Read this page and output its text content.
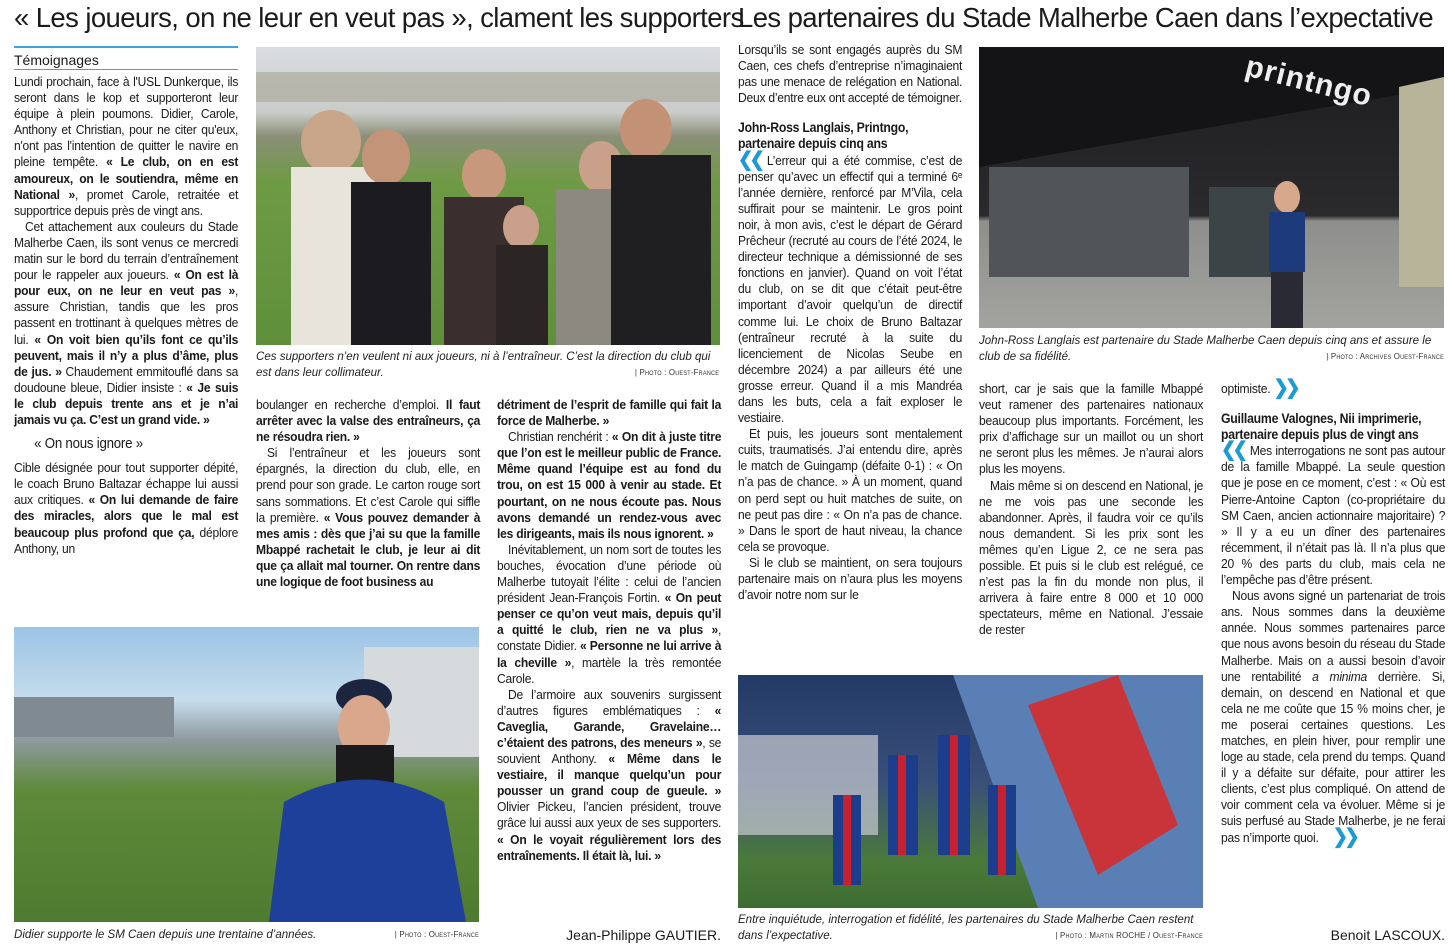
« Les joueurs, on ne leur en veut pas », clament les supporters
Les partenaires du Stade Malherbe Caen dans l’expectative
Témoignages

Lundi prochain, face à l'USL Dunkerque, ils seront dans le kop et supporteront leur équipe à plein poumons. Didier, Carole, Anthony et Christian, pour ne citer qu'eux, n'ont pas l'intention de quitter le navire en pleine tempête. « Le club, on en est amoureux, on le soutiendra, même en National », promet Carole, retraitée et supportrice depuis près de vingt ans.

Cet attachement aux couleurs du Stade Malherbe Caen, ils sont venus ce mercredi matin sur le bord du terrain d’entraînement pour le rappeler aux joueurs. « On est là pour eux, on ne leur en veut pas », assure Christian, tandis que les pros passent en trottinant à quelques mètres de lui. « On voit bien qu’ils font ce qu’ils peuvent, mais il n’y a plus d’âme, plus de jus. » Chaudement emmitouflé dans sa doudoune bleue, Didier insiste : « Je suis le club depuis trente ans et je n’ai jamais vu ça. C’est un grand vide. »

« On nous ignore »

Cible désignée pour tout supporter dépité, le coach Bruno Baltazar échappe lui aussi aux critiques. « On lui demande de faire des miracles, alors que le mal est beaucoup plus profond que ça, déplore Anthony, un

boulanger en recherche d’emploi. Il faut arrêter avec la valse des entraîneurs, ça ne résoudra rien. »

Si l’entraîneur et les joueurs sont épargnés, la direction du club, elle, en prend pour son grade. Le carton rouge sort sans sommations. Et c’est Carole qui siffle la première. « Vous pouvez demander à mes amis : dès que j’ai su que la famille Mbappé rachetait le club, je leur ai dit que ça allait mal tourner. On rentre dans une logique de foot business au

détriment de l’esprit de famille qui fait la force de Malherbe. »

Christian renchérit : « On dit à juste titre que l’on est le meilleur public de France. Même quand l’équipe est au fond du trou, on est 15 000 à venir au stade. Et pourtant, on ne nous écoute pas. Nous avons demandé un rendez-vous avec les dirigeants, mais ils nous ignorent. »

Inévitablement, un nom sort de toutes les bouches, évocation d’une période où Malherbe tutoyait l’élite : celui de l’ancien président Jean-François Fortin. « On peut penser ce qu’on veut mais, depuis qu’il a quitté le club, rien ne va plus », constate Didier. « Personne ne lui arrive à la cheville », martèle la très remontée Carole.

De l’armoire aux souvenirs surgissent d’autres figures emblématiques : « Caveglia, Garande, Gravelaine… c’étaient des patrons, des meneurs », se souvient Anthony. « Même dans le vestiaire, il manque quelqu’un pour pousser un grand coup de gueule. » Olivier Pickeu, l’ancien président, trouve grâce lui aussi aux yeux de ses supporters. « On le voyait régulièrement lors des entraînements. Il était là, lui. »

Lorsqu’ils se sont engagés auprès du SM Caen, ces chefs d’entreprise n’imaginaient pas une menace de relégation en National. Deux d’entre eux ont accepté de témoigner.

John-Ross Langlais, Printngo, partenaire depuis cinq ans

❮❮ L’erreur qui a été commise, c’est de penser qu’avec un effectif qui a terminé 6ᵉ l’année dernière, renforcé par M’Vila, cela suffirait pour se maintenir. Le gros point noir, à mon avis, c’est le départ de Gérard Prêcheur (recruté au cours de l’été 2024, le directeur technique a démissionné de ses fonctions en janvier). Quand on voit l’état du club, on se dit que c’était peut-être important d’avoir quelqu’un de directif comme lui. Le choix de Bruno Baltazar (entraîneur recruté à la suite du licenciement de Nicolas Seube en décembre 2024) a par ailleurs été une grosse erreur. Quand il a mis Mandréa dans les buts, cela a fait exploser le vestiaire.

Et puis, les joueurs sont mentalement cuits, traumatisés. J’ai entendu dire, après le match de Guingamp (défaite 0-1) : « On n’a pas de chance. » À un moment, quand on perd sept ou huit matches de suite, on ne peut pas dire : « On n’a pas de chance. » Dans le sport de haut niveau, la chance cela se provoque.

Si le club se maintient, on sera toujours partenaire mais on n’aura plus les moyens d’avoir notre nom sur le

short, car je sais que la famille Mbappé veut ramener des partenaires nationaux beaucoup plus importants. Forcément, les prix d’affichage sur un maillot ou un short ne seront plus les mêmes. Je n’aurai alors plus les moyens.

Mais même si on descend en National, je ne me vois pas une seconde les abandonner. Après, il faudra voir ce qu’ils nous demandent. Si les prix sont les mêmes qu’en Ligue 2, ce ne sera pas possible. Et puis si le club est relégué, ce n’est pas la fin du monde non plus, il arrivera à faire entre 8 000 et 10 000 spectateurs, même en National. J’essaie de rester

optimiste. ❯❯

Guillaume Valognes, Nii imprimerie, partenaire depuis plus de vingt ans

❮❮ Mes interrogations ne sont pas autour de la famille Mbappé. La seule question que je pose en ce moment, c’est : « Où est Pierre-Antoine Capton (co-propriétaire du SM Caen, ancien actionnaire majoritaire) ? » Il y a eu un dîner des partenaires récemment, il n’était pas là. Il n’a plus que 20 % des parts du club, mais cela ne l’empêche pas d’être présent.

Nous avons signé un partenariat de trois ans. Nous sommes dans la deuxième année. Nous sommes partenaires parce que nous avons besoin du réseau du Stade Malherbe. Mais on a aussi besoin d’avoir une rentabilité a minima derrière. Si, demain, on descend en National et que cela ne me coûte que 15 % moins cher, je me poserai certaines questions. Les matches, en plein hiver, pour remplir une loge au stade, cela prend du temps. Quand il y a défaite sur défaite, pour attirer les clients, c’est plus compliqué. On attend de voir comment cela va évoluer. Même si je suis perfusé au Stade Malherbe, je ne ferai pas n’importe quoi. ❯❯

Ces supporters n’en veulent ni aux joueurs, ni à l’entraîneur. C’est la direction du club qui est dans leur collimateur.	| Photo : Ouest-France
Didier supporte le SM Caen depuis une trentaine d’années.	| Photo : Ouest-France
printngo
John-Ross Langlais est partenaire du Stade Malherbe Caen depuis cinq ans et assure le club de sa fidélité.	| Photo : Archives Ouest-France
Entre inquiétude, interrogation et fidélité, les partenaires du Stade Malherbe Caen restent dans l’expectative.	| Photo : Martin ROCHE / Ouest-France
Jean-Philippe GAUTIER.	Benoit LASCOUX.
